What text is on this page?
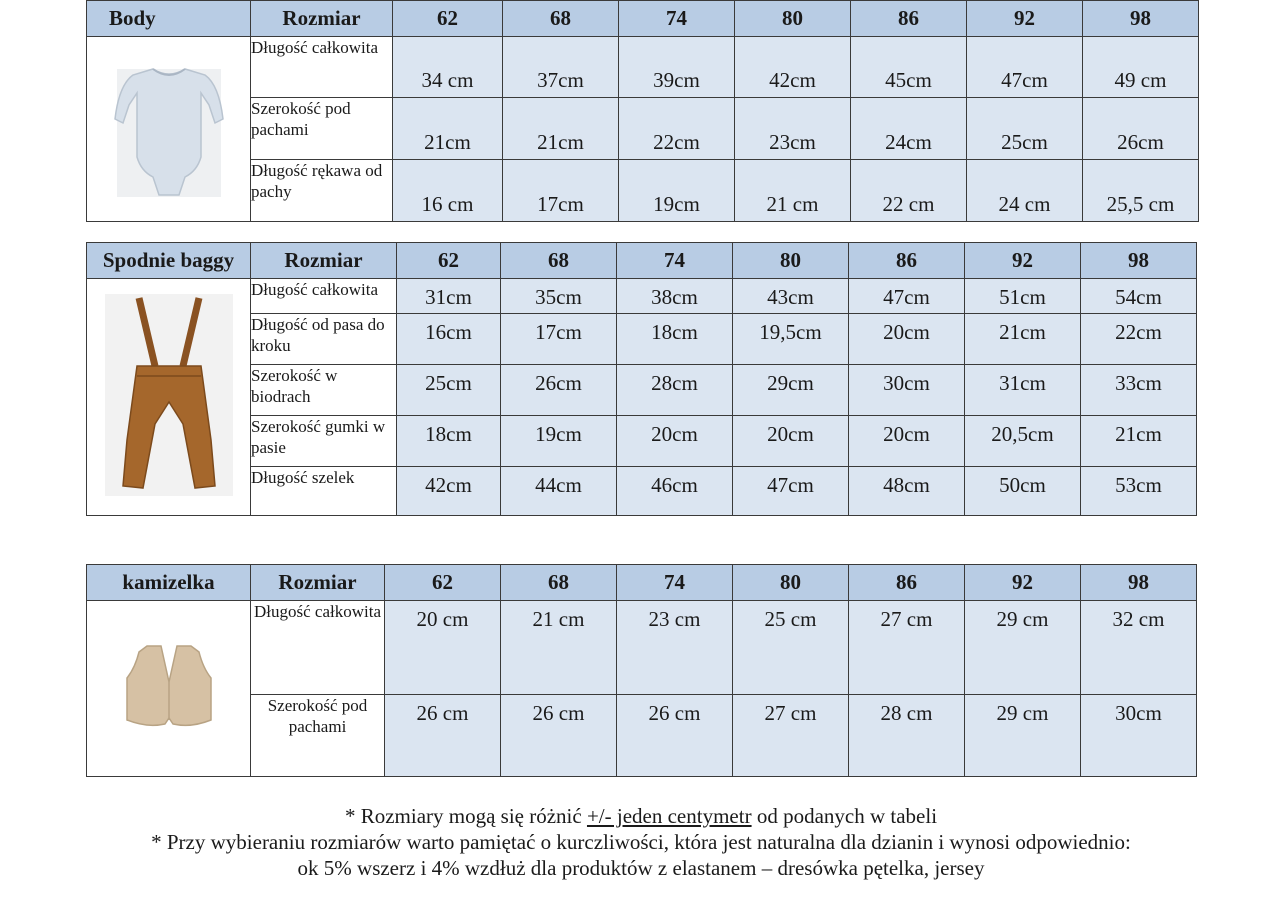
Body	Rozmiar	62	68	74	80	86	92	98
	Długość całkowita	34 cm	37cm	39cm	42cm	45cm	47cm	49 cm
	Szerokość pod pachami	21cm	21cm	22cm	23cm	24cm	25cm	26cm
	Długość rękawa od pachy	16 cm	17cm	19cm	21 cm	22 cm	24 cm	25,5 cm
Spodnie baggy	Rozmiar	62	68	74	80	86	92	98
	Długość całkowita	31cm	35cm	38cm	43cm	47cm	51cm	54cm
	Długość od pasa do kroku	16cm	17cm	18cm	19,5cm	20cm	21cm	22cm
	Szerokość w biodrach	25cm	26cm	28cm	29cm	30cm	31cm	33cm
	Szerokość gumki w pasie	18cm	19cm	20cm	20cm	20cm	20,5cm	21cm
	Długość szelek	42cm	44cm	46cm	47cm	48cm	50cm	53cm
kamizelka	Rozmiar	62	68	74	80	86	92	98
	Długość całkowita	20 cm	21 cm	23 cm	25 cm	27 cm	29 cm	32 cm
	Szerokość pod pachami	26 cm	26 cm	26 cm	27 cm	28 cm	29 cm	30cm
* Rozmiary mogą się różnić +/- jeden centymetr od podanych w tabeli
* Przy wybieraniu rozmiarów warto pamiętać o kurczliwości, która jest naturalna dla dzianin i wynosi odpowiednio:
ok 5% wszerz i 4% wzdłuż dla produktów z elastanem – dresówka pętelka, jersey
